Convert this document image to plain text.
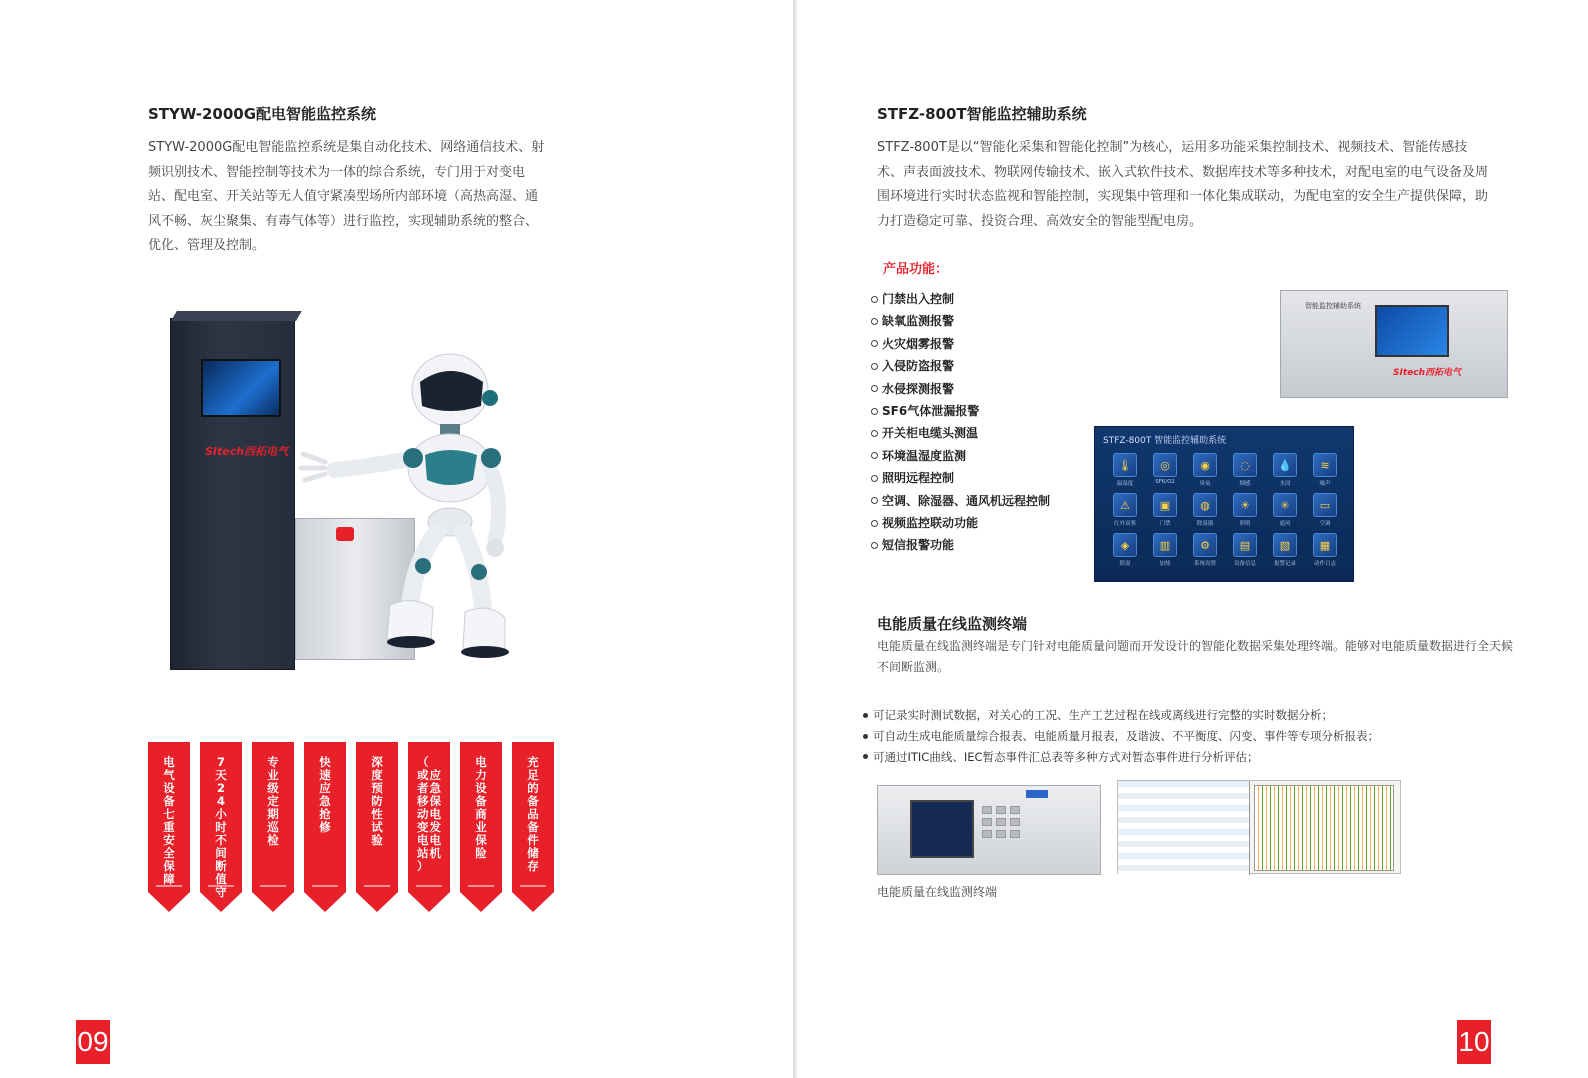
STYW-2000G配电智能监控系统
STYW-2000G配电智能监控系统是集自动化技术、网络通信技术、射
频识别技术、智能控制等技术为一体的综合系统，专门用于对变电
站、配电室、开关站等无人值守紧凑型场所内部环境（高热高湿、通
风不畅、灰尘聚集、有毒气体等）进行监控，实现辅助系统的整合、
优化、管理及控制。
SItech西拓电气
电
气
设
备
七
重
安
全
保
障
7
天
2
4
小
时
不
间
断
值
守
专
业
级
定
期
巡
检
快
速
应
急
抢
修
深
度
预
防
性
试
验
（
或
者
移
动
变
电
站
）
应
急
保
电
发
电
机
电
力
设
备
商
业
保
险
充
足
的
备
品
备
件
储
存
09
STFZ-800T智能监控辅助系统
STFZ-800T是以“智能化采集和智能化控制”为核心，运用多功能采集控制技术、视频技术、智能传感技
术、声表面波技术、物联网传输技术、嵌入式软件技术、数据库技术等多种技术，对配电室的电气设备及周
围环境进行实时状态监视和智能控制，实现集中管理和一体化集成联动，为配电室的安全生产提供保障，助
力打造稳定可靠、投资合理、高效安全的智能型配电房。
产品功能：
门禁出入控制
缺氧监测报警
火灾烟雾报警
入侵防盗报警
水侵探测报警
SF6气体泄漏报警
开关柜电缆头测温
环境温湿度监测
照明远程控制
空调、除湿器、通风机远程控制
视频监控联动功能
短信报警功能
智能监控辅助系统
SItech西拓电气
STFZ-800T 智能监控辅助系统
🌡
温湿度
◎
SF6/O2
◉
臭氧
◌
烟感
💧
水浸
≋
噪声
⚠
红外双鉴
▣
门禁
◍
除湿器
☀
照明
✳
通风
▭
空调
◈
除湿
▥
加热
⚙
系统设置
▤
设备信息
▧
报警记录
▦
动作日志
电能质量在线监测终端
电能质量在线监测终端是专门针对电能质量问题而开发设计的智能化数据采集处理终端。能够对电能质量数据进行全天候
不间断监测。
可记录实时测试数据，对关心的工况、生产工艺过程在线或离线进行完整的实时数据分析；
可自动生成电能质量综合报表、电能质量月报表，及谐波、不平衡度、闪变、事件等专项分析报表；
可通过ITIC曲线、IEC暂态事件汇总表等多种方式对暂态事件进行分析评估；
电能质量在线监测终端
10
